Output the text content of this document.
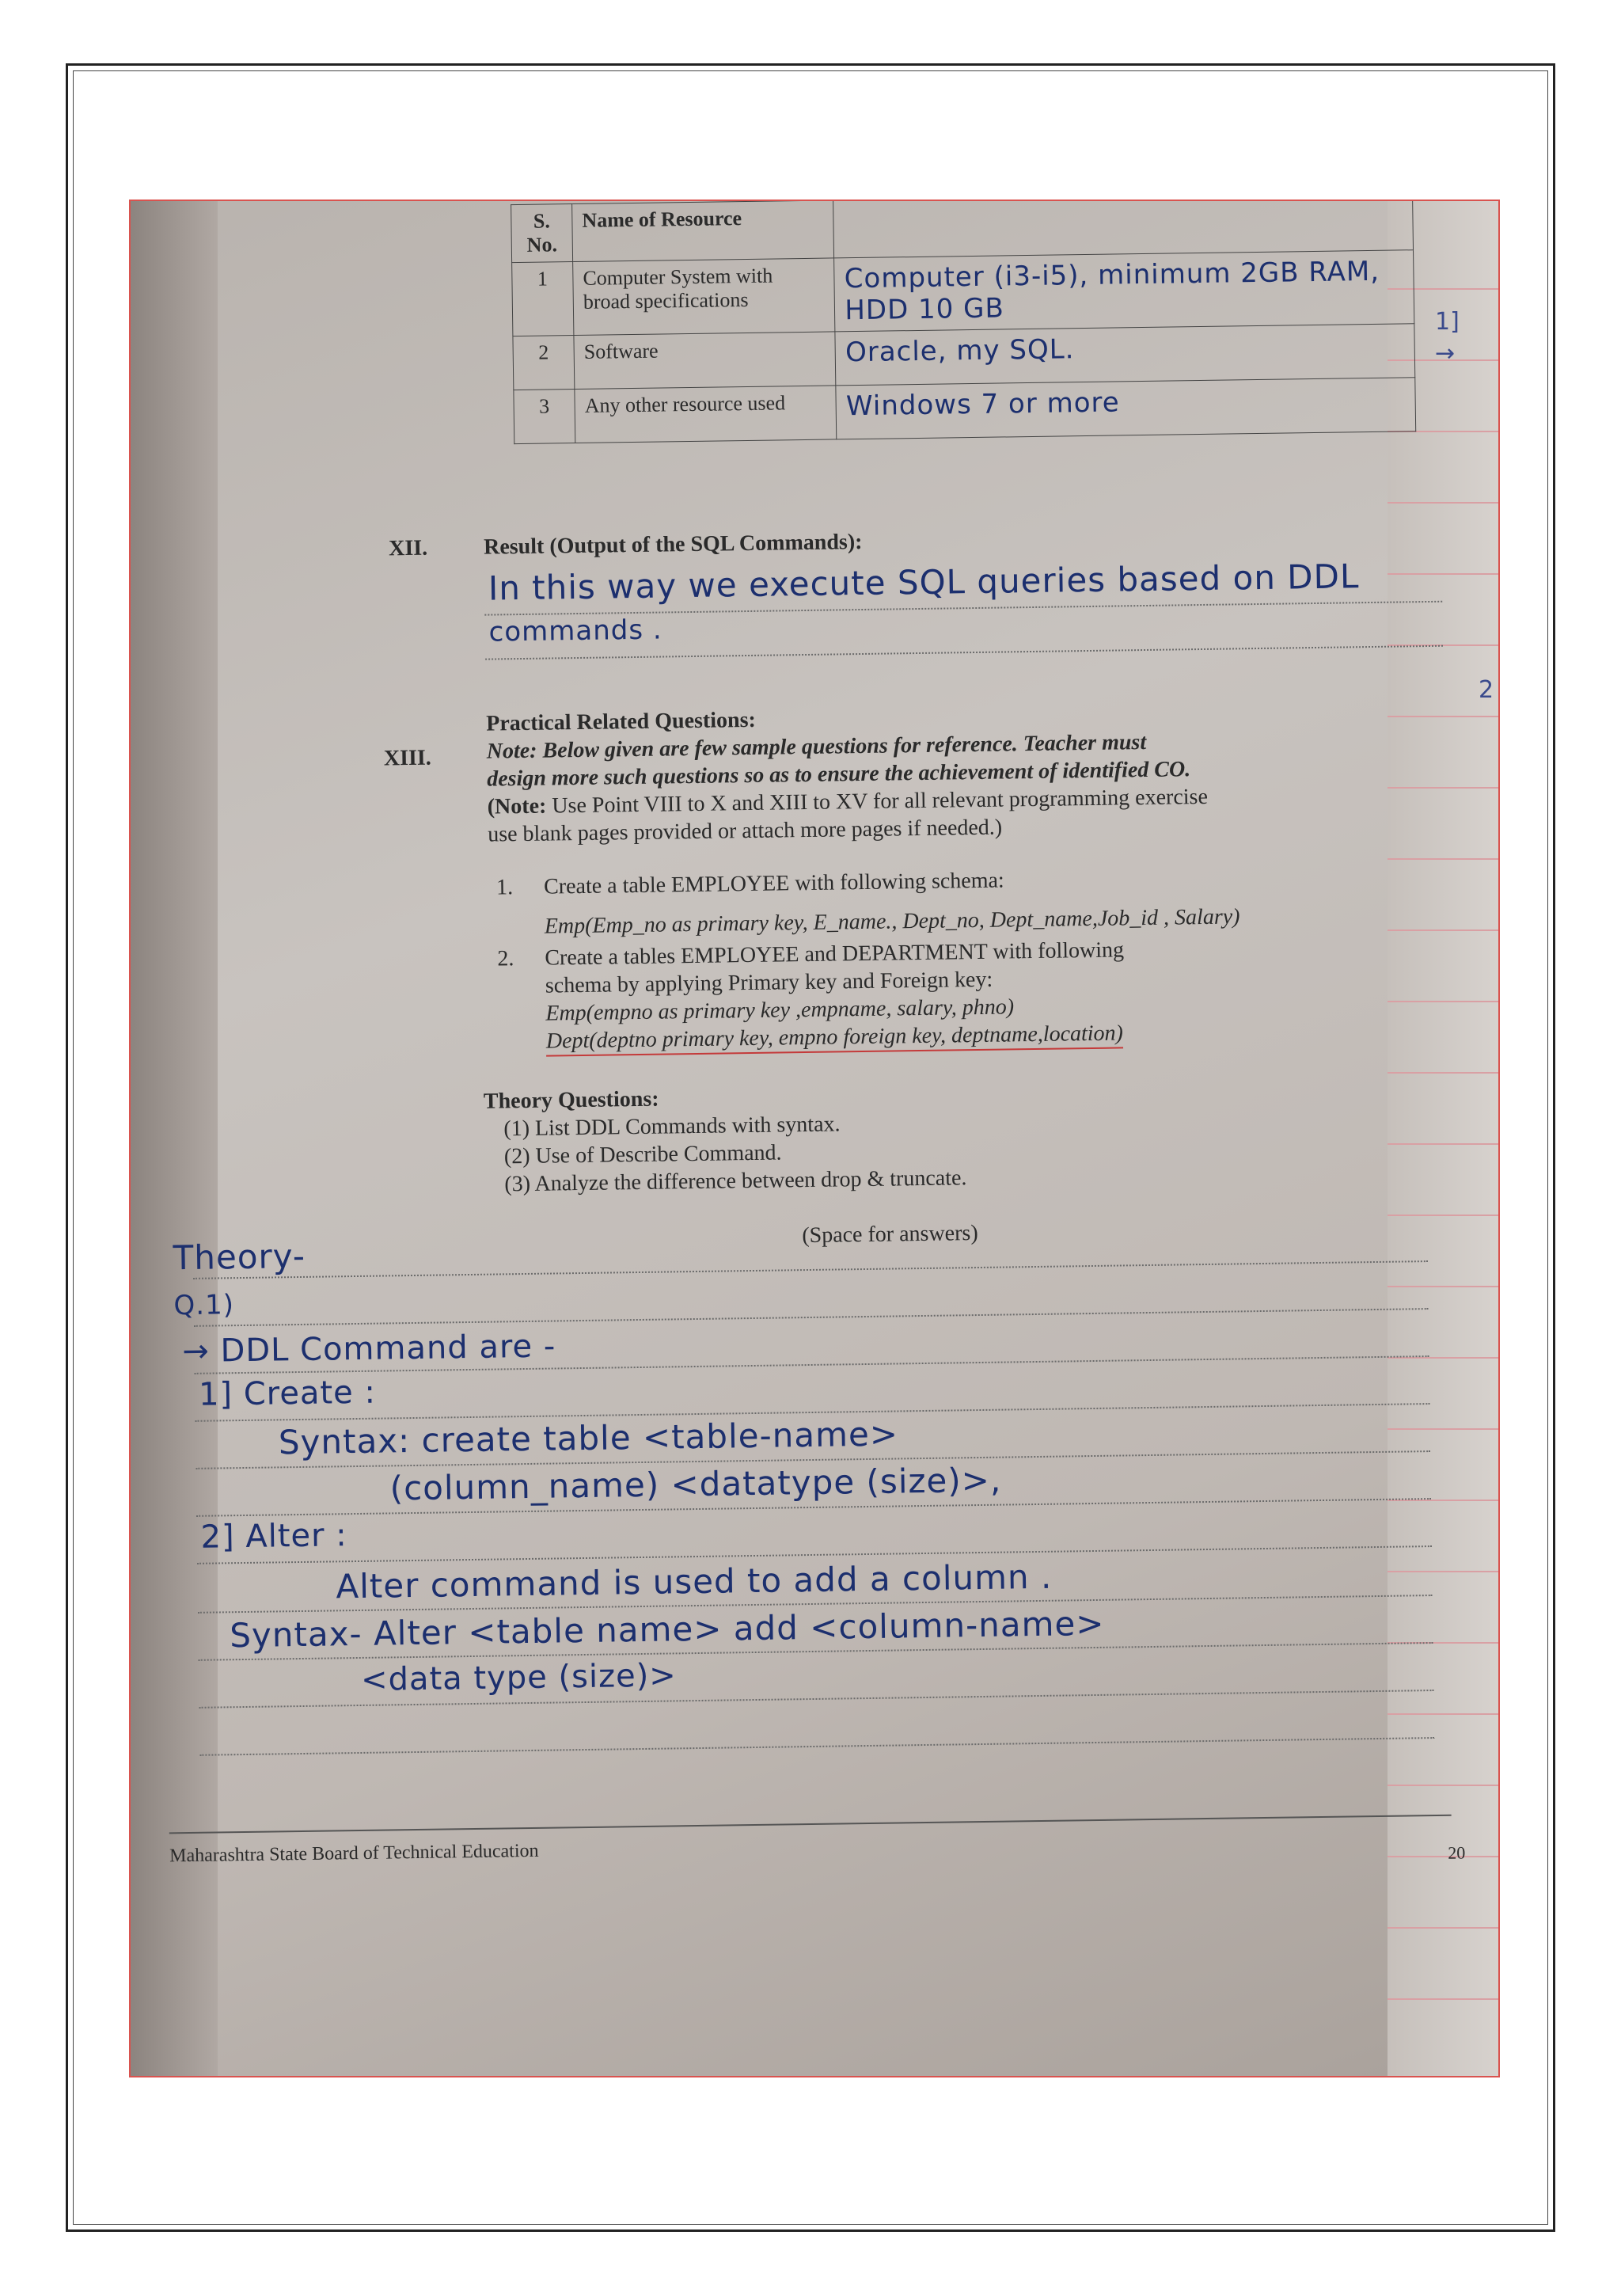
1]
→
2
S. No.	Name of Resource	
1	Computer System with broad specifications	Computer (i3-i5), minimum 2GB RAM, HDD 10 GB
2	Software	Oracle, my SQL.
3	Any other resource used	Windows 7 or more
XII.	Result (Output of the SQL Commands):
In this way we execute SQL queries based on DDL
commands .
XIII.
Practical Related Questions:
Note: Below given are few sample questions for reference. Teacher must
design more such questions so as to ensure the achievement of identified CO.
(Note: Use Point VIII to X and XIII to XV for all relevant programming exercise
use blank pages provided or attach more pages if needed.)
1. Create a table EMPLOYEE with following schema:
Emp(Emp_no as primary key, E_name., Dept_no, Dept_name,Job_id , Salary)
2. Create a tables EMPLOYEE and DEPARTMENT with following
schema by applying Primary key and Foreign key:
Emp(empno as primary key ,empname, salary, phno)
Dept(deptno primary key, empno foreign key, deptname,location)
Theory Questions:
(1) List DDL Commands with syntax.
(2) Use of Describe Command.
(3) Analyze the difference between drop & truncate.
(Space for answers)
Theory-
Q.1)
→ DDL Command are -
1] Create :
Syntax: create table <table-name>
(column_name) <datatype (size)>,
2] Alter :
Alter command is used to add a column .
Syntax- Alter <table name> add <column-name>
<data type (size)>
Maharashtra State Board of Technical Education	20
